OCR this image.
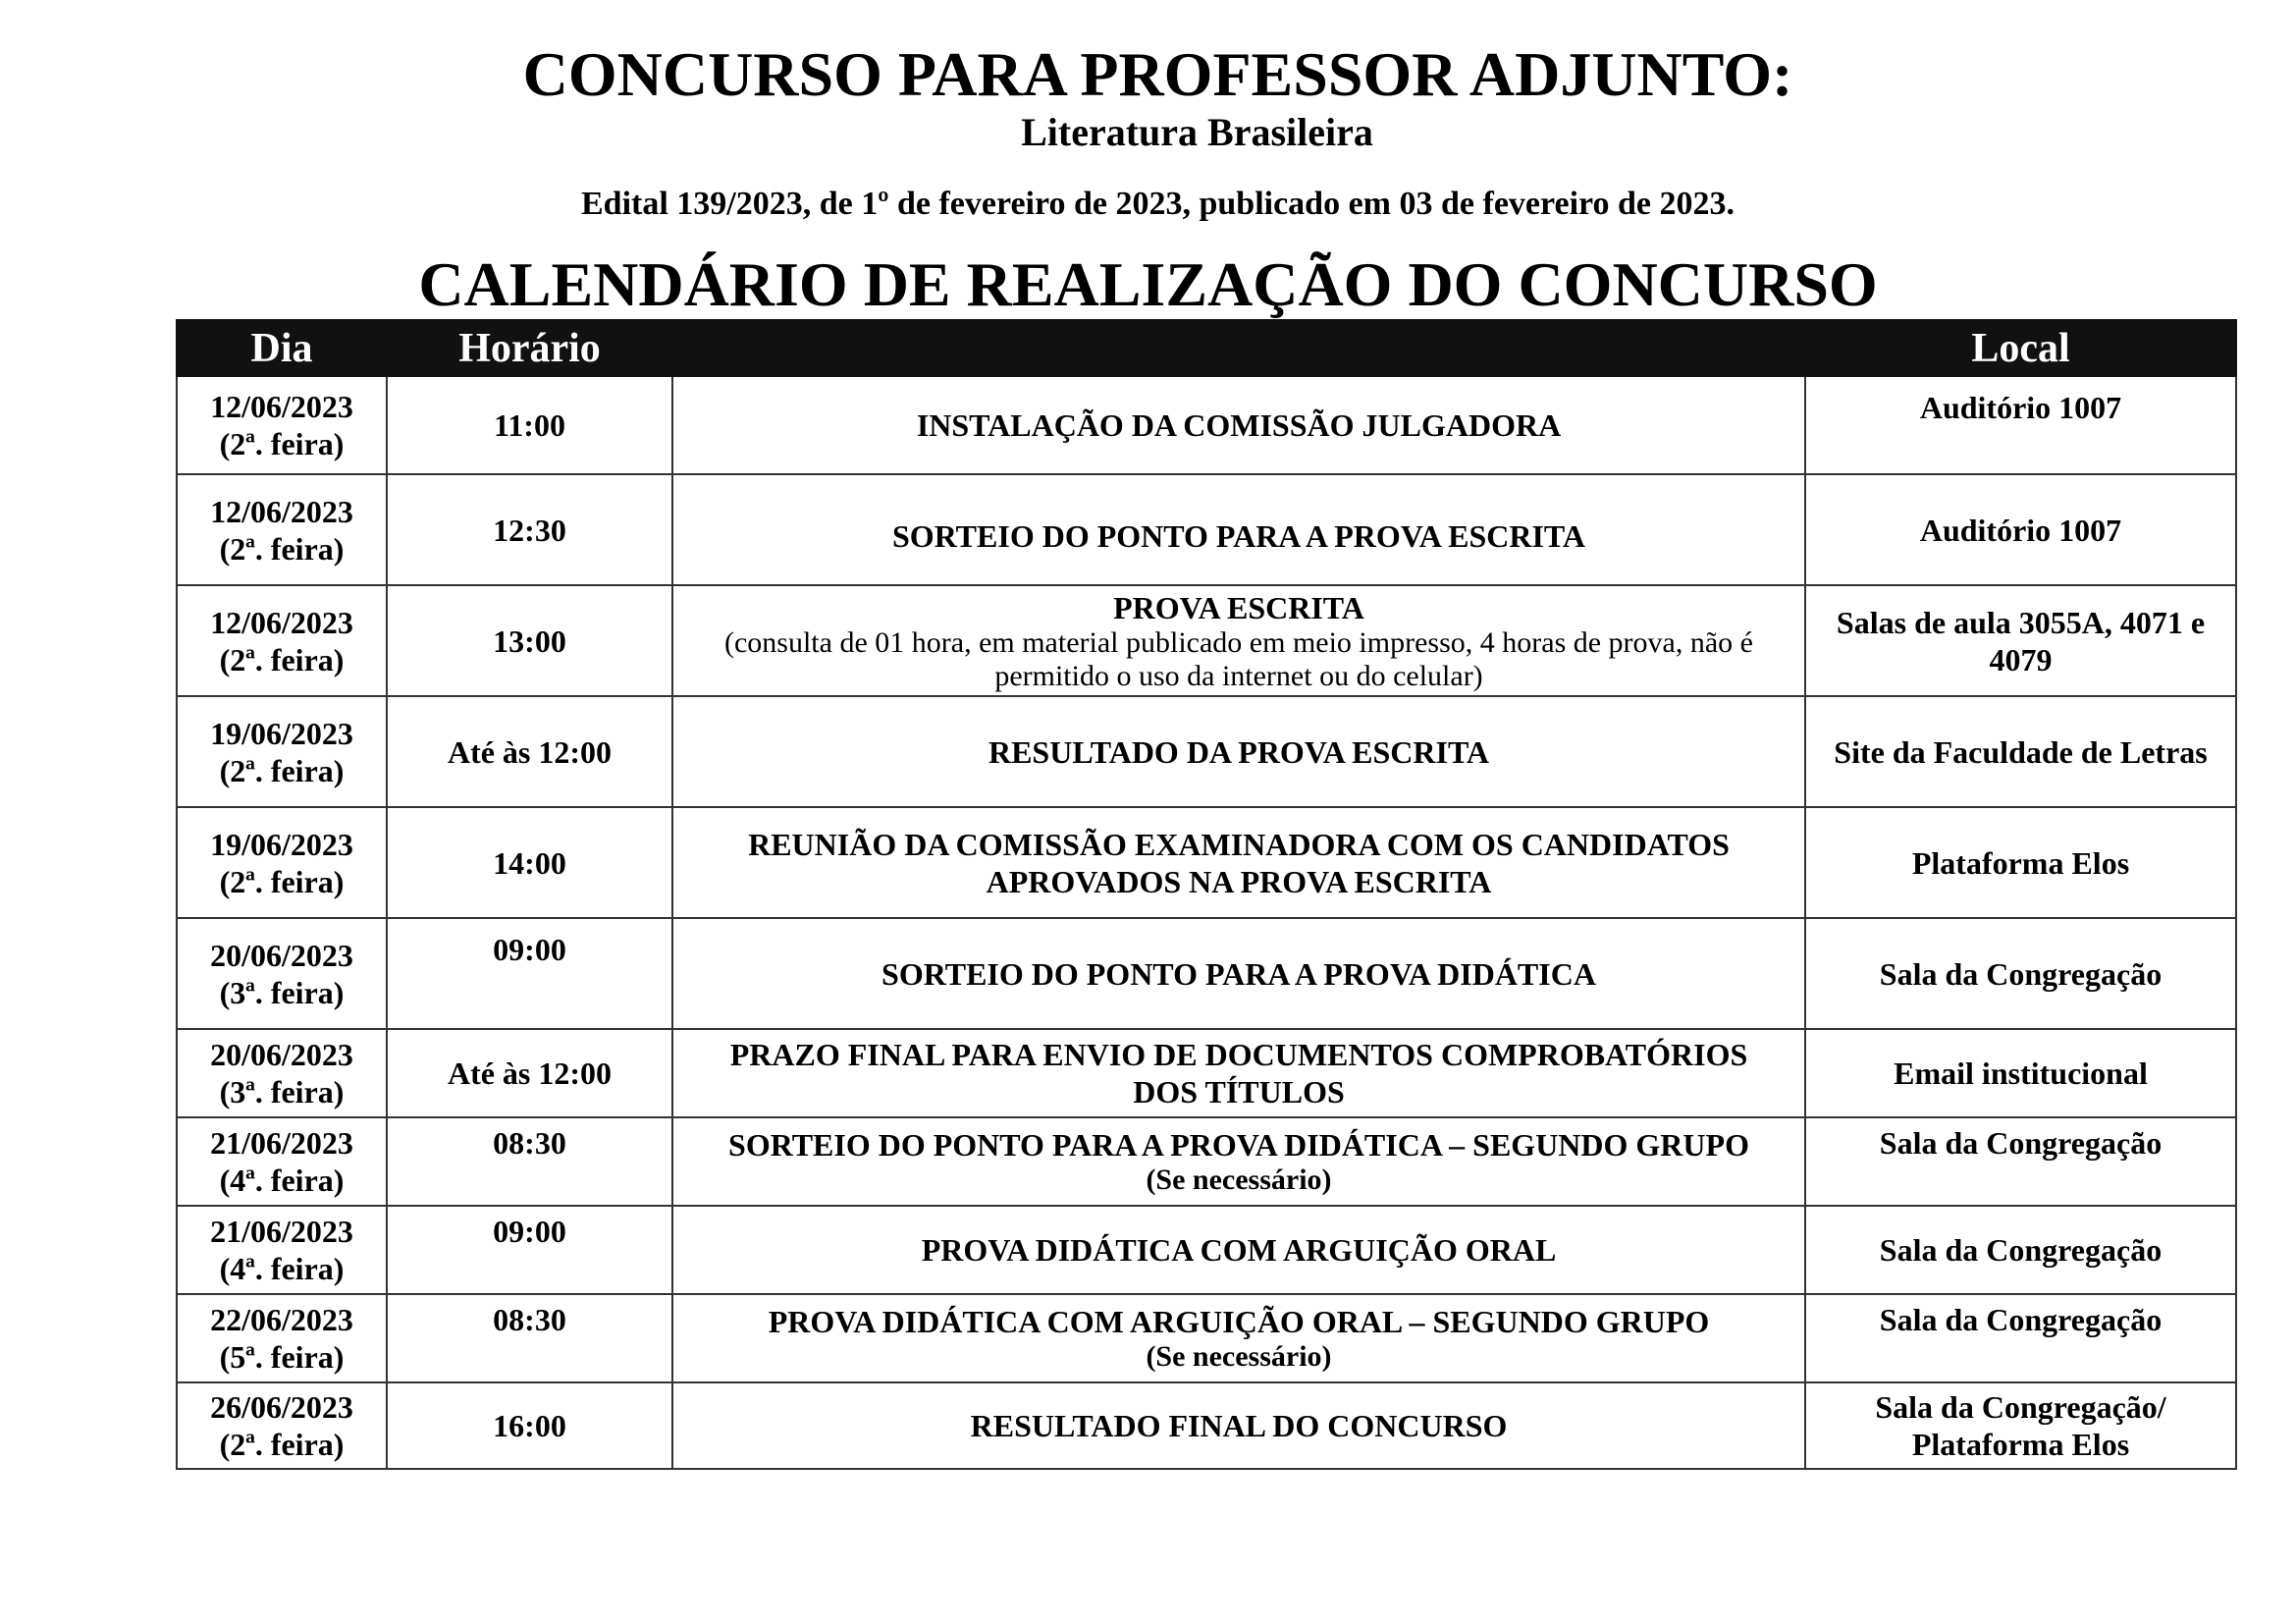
CONCURSO PARA PROFESSOR ADJUNTO:
Literatura Brasileira
Edital 139/2023, de 1º de fevereiro de 2023, publicado em 03 de fevereiro de 2023.
CALENDÁRIO DE REALIZAÇÃO DO CONCURSO
Dia	Horário		Local

12/06/2023
(2ª. feira)	11:00	INSTALAÇÃO DA COMISSÃO JULGADORA	Auditório 1007

12/06/2023
(2ª. feira)	12:30	SORTEIO DO PONTO PARA A PROVA ESCRITA	Auditório 1007

12/06/2023
(2ª. feira)	13:00	PROVA ESCRITA
(consulta de 01 hora, em material publicado em meio impresso, 4 horas de prova, não é permitido o uso da internet ou do celular)	Salas de aula 3055A, 4071 e 4079

19/06/2023
(2ª. feira)	Até às 12:00	RESULTADO DA PROVA ESCRITA	Site da Faculdade de Letras

19/06/2023
(2ª. feira)	14:00	REUNIÃO DA COMISSÃO EXAMINADORA COM OS CANDIDATOS
APROVADOS NA PROVA ESCRITA	Plataforma Elos

20/06/2023
(3ª. feira)	09:00	SORTEIO DO PONTO PARA A PROVA DIDÁTICA	Sala da Congregação

20/06/2023
(3ª. feira)	Até às 12:00	PRAZO FINAL PARA ENVIO DE DOCUMENTOS COMPROBATÓRIOS
DOS TÍTULOS	Email institucional

21/06/2023
(4ª. feira)	08:30	SORTEIO DO PONTO PARA A PROVA DIDÁTICA – SEGUNDO GRUPO
(Se necessário)	Sala da Congregação

21/06/2023
(4ª. feira)	09:00	PROVA DIDÁTICA COM ARGUIÇÃO ORAL	Sala da Congregação

22/06/2023
(5ª. feira)	08:30	PROVA DIDÁTICA COM ARGUIÇÃO ORAL – SEGUNDO GRUPO
(Se necessário)	Sala da Congregação

26/06/2023
(2ª. feira)	16:00	RESULTADO FINAL DO CONCURSO	Sala da Congregação/ Plataforma Elos
